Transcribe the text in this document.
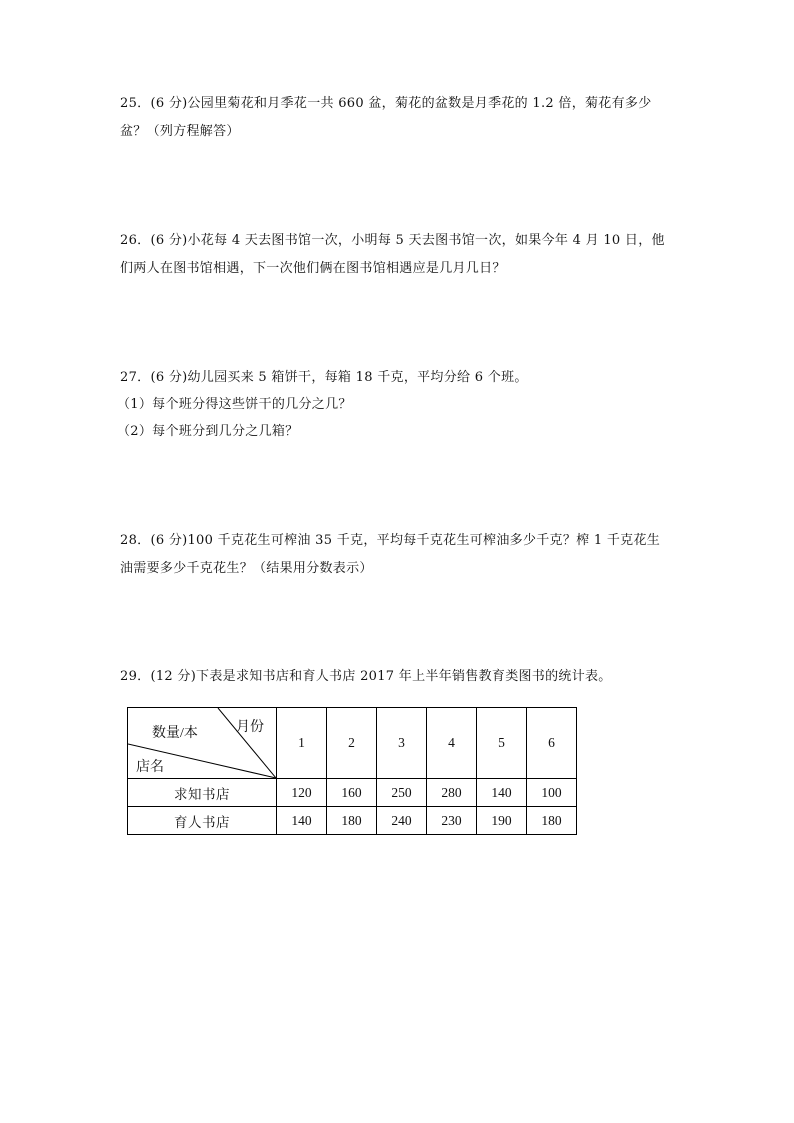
25．(6 分)公园里菊花和月季花一共 660 盆，菊花的盆数是月季花的 1.2 倍，菊花有多少
盆？（列方程解答）
26．(6 分)小花每 4 天去图书馆一次，小明每 5 天去图书馆一次，如果今年 4 月 10 日，他
们两人在图书馆相遇，下一次他们俩在图书馆相遇应是几月几日？
27．(6 分)幼儿园买来 5 箱饼干，每箱 18 千克，平均分给 6 个班。
（1）每个班分得这些饼干的几分之几？
（2）每个班分到几分之几箱？
28．(6 分)100 千克花生可榨油 35 千克，平均每千克花生可榨油多少千克？榨 1 千克花生
油需要多少千克花生？（结果用分数表示）
29．(12 分)下表是求知书店和育人书店 2017 年上半年销售教育类图书的统计表。
数量/本 月份
店名	1	2	3	4	5	6
求知书店	120	160	250	280	140	100
育人书店	140	180	240	230	190	180
